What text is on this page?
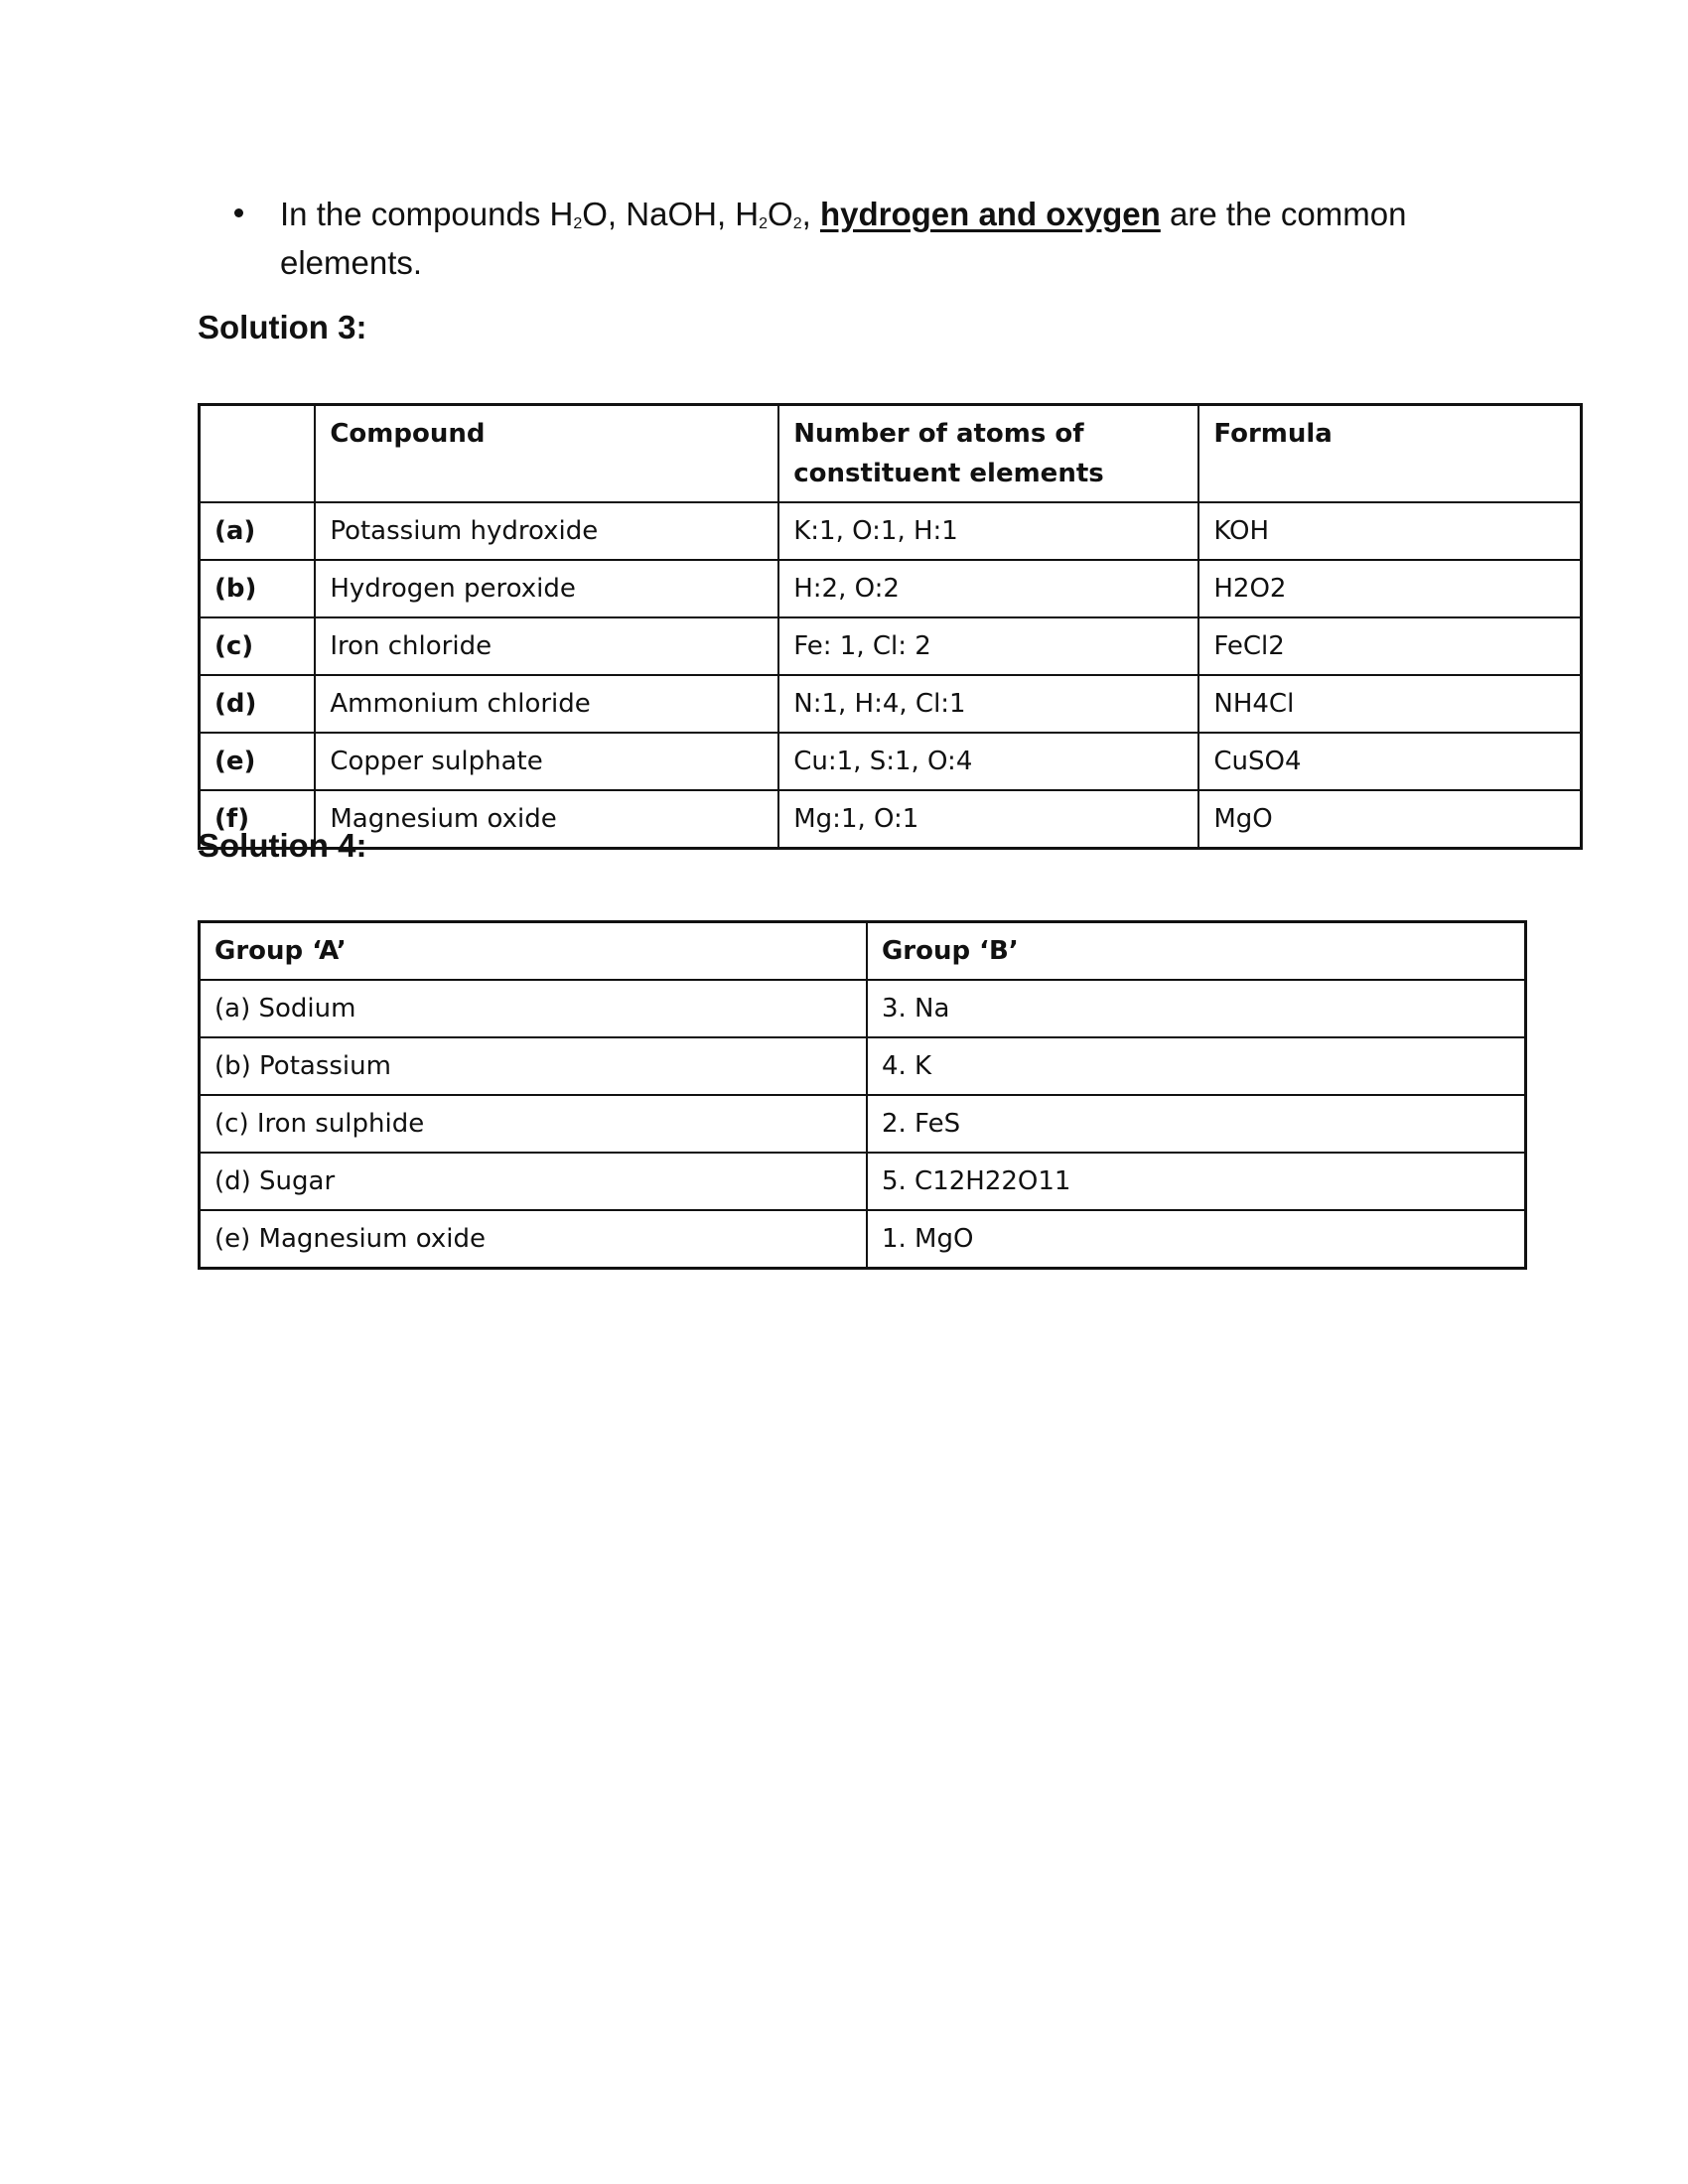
In the compounds $H_2O$, NaOH, $H_2O_2$, hydrogen and oxygen are the common elements.

Solution 3:
	Compound	Number of atoms of constituent elements	Formula
(a)	Potassium hydroxide	K:1, O:1, H:1	KOH
(b)	Hydrogen peroxide	H:2, O:2	H2O2
(c)	Iron chloride	Fe: 1, Cl: 2	FeCl2
(d)	Ammonium chloride	N:1, H:4, Cl:1	NH4Cl
(e)	Copper sulphate	Cu:1, S:1, O:4	CuSO4
(f)	Magnesium oxide	Mg:1, O:1	MgO
Solution 4:
Group ‘A’	Group ‘B’
(a) Sodium	3. Na
(b) Potassium	4. K
(c) Iron sulphide	2. FeS
(d) Sugar	5. C12H22O11
(e) Magnesium oxide	1. MgO
